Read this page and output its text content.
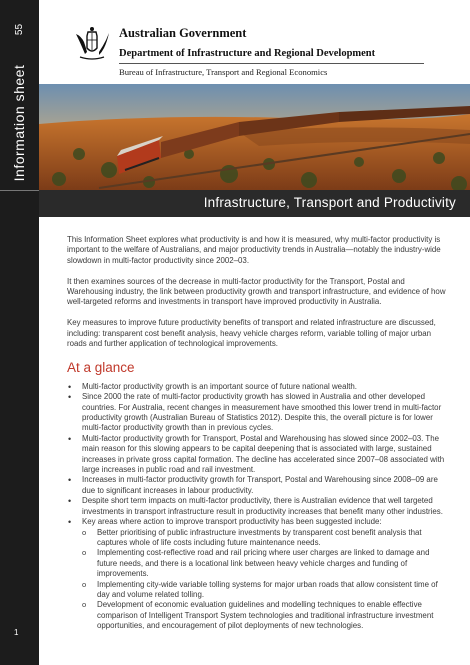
55
Information sheet
1
Australian Government
Department of Infrastructure and Regional Development
Bureau of Infrastructure, Transport and Regional Economics
Infrastructure, Transport and Productivity

This Information Sheet explores what productivity is and how it is measured, why multi-factor productivity is important to the welfare of Australians, and major productivity trends in Australia—notably the industry-wide slowdown in multi-factor productivity since 2002–03.

It then examines sources of the decrease in multi-factor productivity for the Transport, Postal and Warehousing industry, the link between productivity growth and transport infrastructure, and evidence of how well-targeted reforms and investments in transport have improved productivity in Australia.

Key measures to improve future productivity benefits of transport and related infrastructure are discussed, including: transparent cost benefit analysis, heavy vehicle charges reform, variable tolling of major urban roads and further application of technological improvements.

At a glance
• Multi-factor productivity growth is an important source of future national wealth.
• Since 2000 the rate of multi-factor productivity growth has slowed in Australia and other developed countries. For Australia, recent changes in measurement have smoothed this lower trend in multi-factor productivity growth (Australian Bureau of Statistics 2012). Despite this, the overall picture is for lower multi-factor productivity growth than in previous cycles.
• Multi-factor productivity growth for Transport, Postal and Warehousing has slowed since 2002–03. The main reason for this slowing appears to be capital deepening that is associated with large, sustained increases in private gross capital formation. The decline has accelerated since 2007–08 associated with large increases in public road and rail investment.
• Increases in multi-factor productivity growth for Transport, Postal and Warehousing since 2008–09 are due to significant increases in labour productivity.
• Despite short term impacts on multi-factor productivity, there is Australian evidence that well targeted investments in transport infrastructure result in productivity increases that benefit many other industries.
• Key areas where action to improve transport productivity has been suggested include:
o Better prioritising of public infrastructure investments by transparent cost benefit analysis that captures whole of life costs including future maintenance needs.
o Implementing cost-reflective road and rail pricing where user charges are linked to damage and future needs, and there is a locational link between heavy vehicle charges and funding of improvements.
o Implementing city-wide variable tolling systems for major urban roads that allow consistent time of day and volume related tolling.
o Development of economic evaluation guidelines and modelling techniques to enable effective comparison of Intelligent Transport System technologies and traditional infrastructure investment opportunities, and encouragement of pilot deployments of new technologies.
